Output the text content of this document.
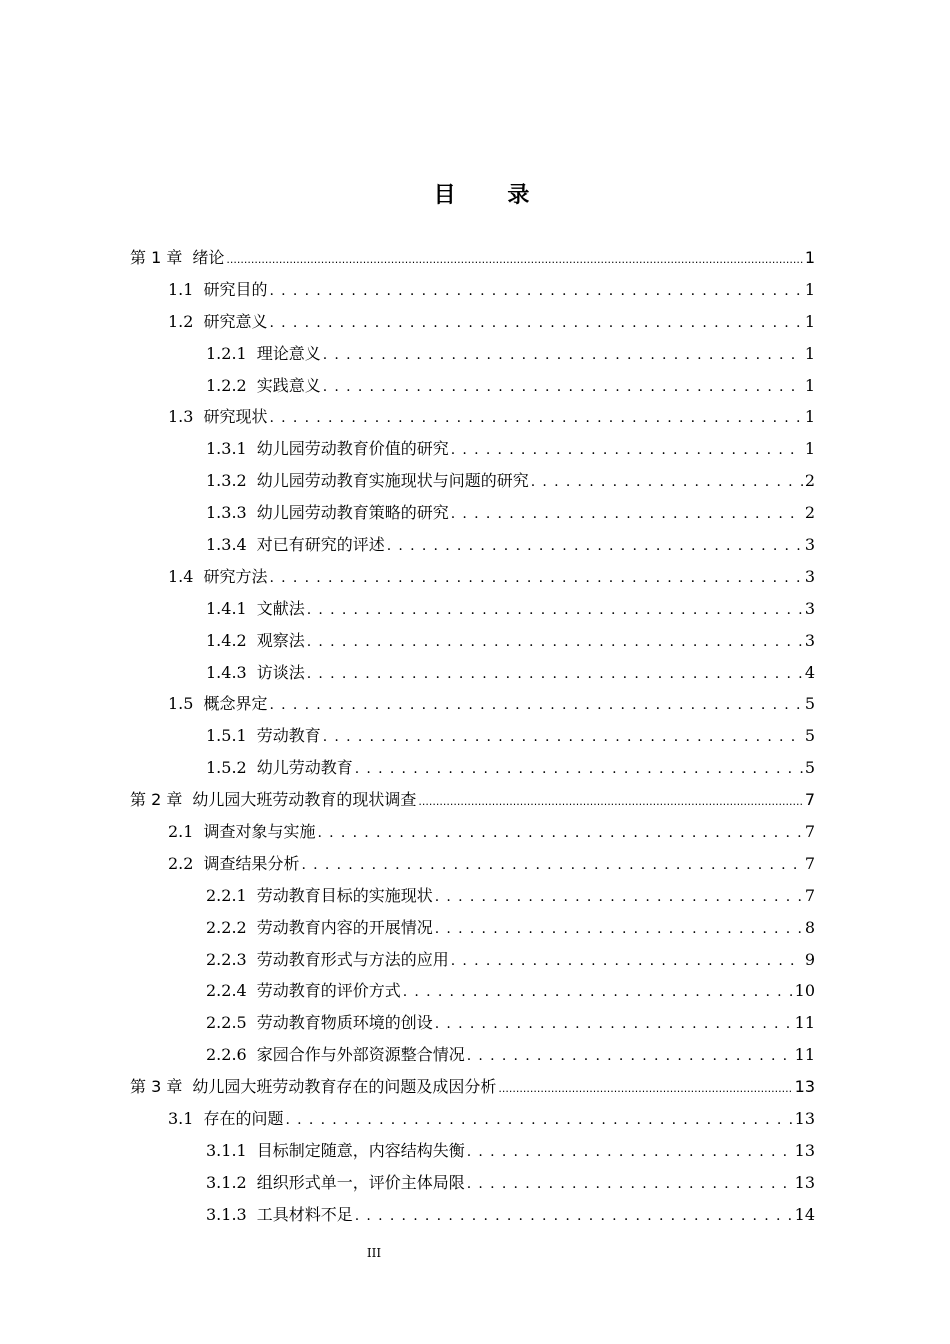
目 录
第 1 章 绪论 .....	1
1.1 研究目的 . . .	1
1.2 研究意义 . . .	1
1.2.1 理论意义 . . .	1
1.2.2 实践意义 . . .	1
1.3 研究现状 . . .	1
1.3.1 幼儿园劳动教育价值的研究 . . .	1
1.3.2 幼儿园劳动教育实施现状与问题的研究 . . .	2
1.3.3 幼儿园劳动教育策略的研究 . . .	2
1.3.4 对已有研究的评述 . . .	3
1.4 研究方法 . . .	3
1.4.1 文献法 . . .	3
1.4.2 观察法 . . .	3
1.4.3 访谈法 . . .	4
1.5 概念界定 . . .	5
1.5.1 劳动教育 . . .	5
1.5.2 幼儿劳动教育 . . .	5
第 2 章 幼儿园大班劳动教育的现状调查 .....	7
2.1 调查对象与实施 . . .	7
2.2 调查结果分析 . . .	7
2.2.1 劳动教育目标的实施现状 . . .	7
2.2.2 劳动教育内容的开展情况 . . .	8
2.2.3 劳动教育形式与方法的应用 . . .	9
2.2.4 劳动教育的评价方式 . . .	10
2.2.5 劳动教育物质环境的创设 . . .	11
2.2.6 家园合作与外部资源整合情况 . . .	11
第 3 章 幼儿园大班劳动教育存在的问题及成因分析 .....	13
3.1 存在的问题 . . .	13
3.1.1 目标制定随意，内容结构失衡 . . .	13
3.1.2 组织形式单一，评价主体局限 . . .	13
3.1.3 工具材料不足 . . .	14
III
